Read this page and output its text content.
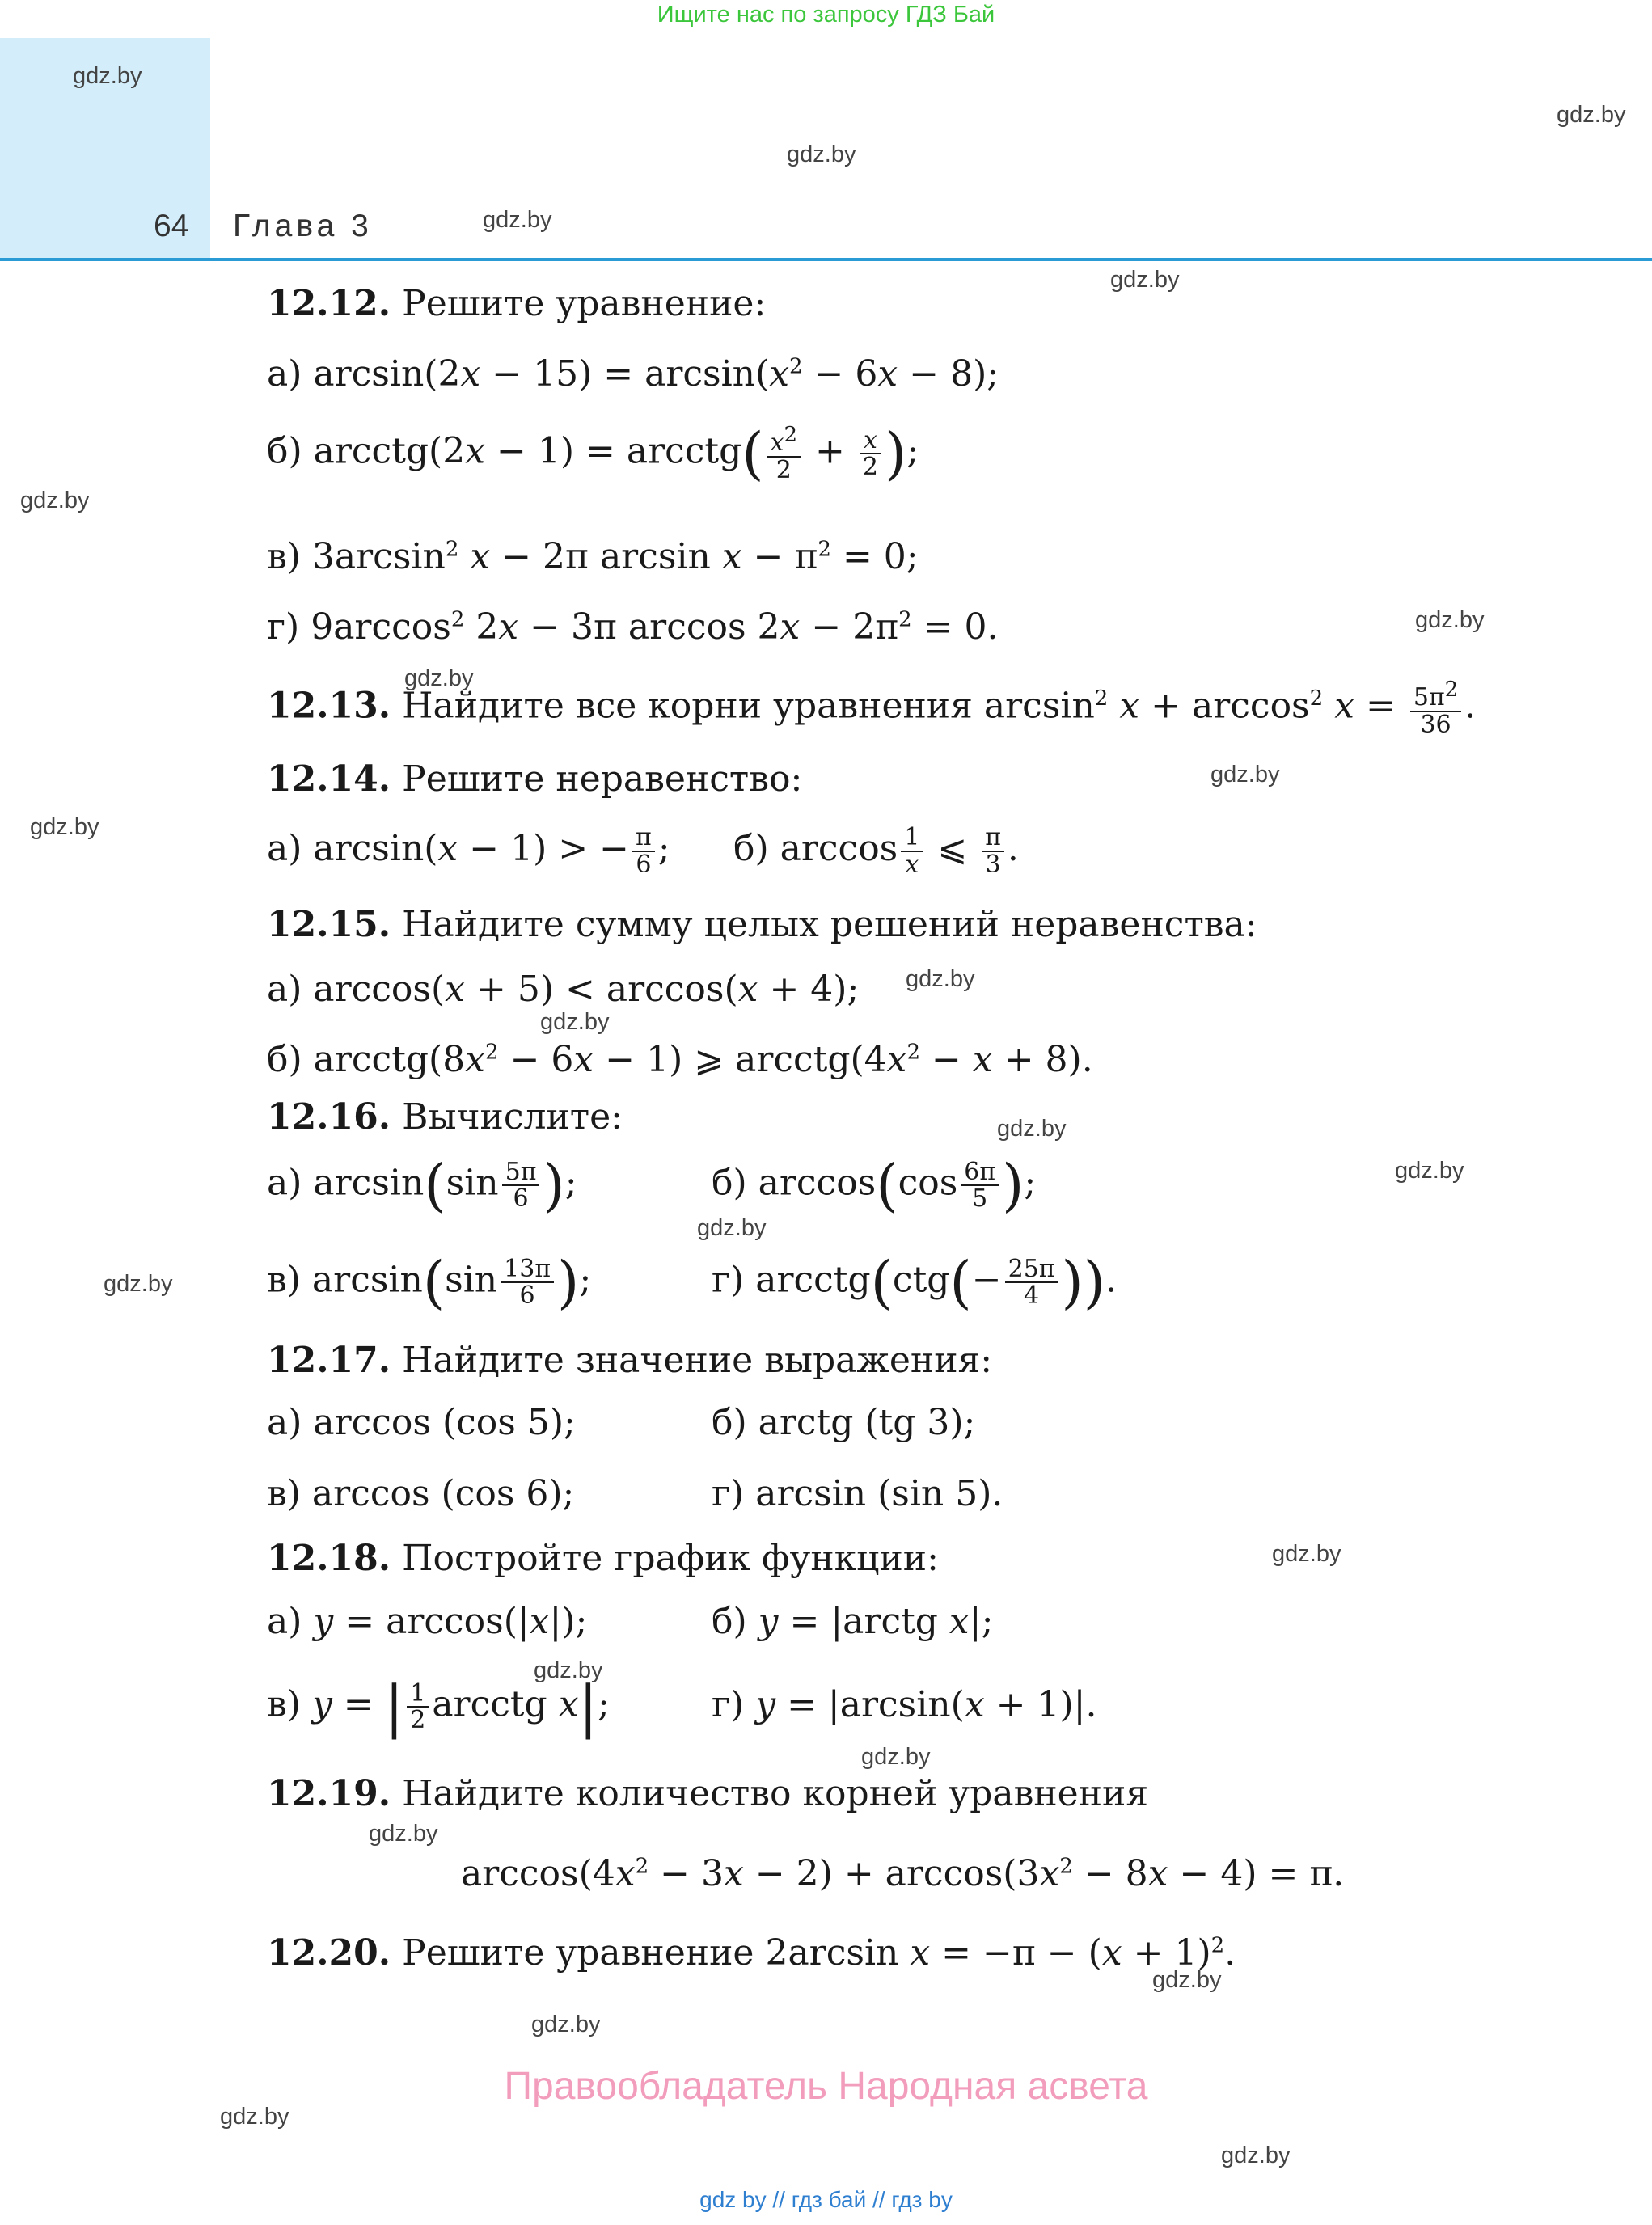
Ищите нас по запросу ГДЗ Бай
64 Глава 3
gdz.by
gdz.by
gdz.by
gdz.by
gdz.by
gdz.by
gdz.by
gdz.by
gdz.by
gdz.by
gdz.by
gdz.by
gdz.by
gdz.by
gdz.by
gdz.by
gdz.by
gdz.by
gdz.by
gdz.by
gdz.by
gdz.by
gdz.by
gdz.by
12.12. Решите уравнение:
а) $\arcsin(2x - 15) = \arcsin(x^2 - 6x - 8)$;
б) arcctg(2x − 1) = arcctg( $\frac{x^2}{2} + \frac{x}{2}$ );
в) $3\arcsin^2$ x − 2π $\arcsin x - \pi^2 = 0$;
г) $9\arccos^2$ 2x − 3π $\arccos 2x - 2\pi^2 = 0$.
12.13. Найдите все корни уравнения $\arcsin^2 x + \arccos^2 x = \frac{5\pi^2}{36}$ .
12.14. Решите неравенство:
а) arcsin(x − 1) > − $\frac{\pi}{6}$ ; б) $\arccos \frac{1}{x}$ ⩽ $\frac{\pi}{3}$ .
12.15. Найдите сумму целых решений неравенства:
а) arccos(x + 5) < arccos(x + 4);
б) $arcctg(8x^2 - 6x - 1)$ ⩾ $arcctg(4x^2 - x + 8)$.
12.16. Вычислите:
а) $\arcsin(\sin \frac{5\pi}{6}$ );	б) $\arccos(\cos \frac{6\pi}{5}$ );
в) $\arcsin(\sin \frac{13\pi}{6}$ );	г) arcctg(ctg(− $\frac{25\pi}{4}$ )).
12.17. Найдите значение выражения:
а) arccos (cos 5);	б) arctg (tg 3);
в) arccos (cos 6);	г) arcsin (sin 5).
12.18. Постройте график функции:
а) y = arccos(|x|);	б) y = |arctg x|;
в) y = | $\frac{1}{2}$ arcctg x|;	г) y = |arcsin(x + 1)|.
12.19. Найдите количество корней уравнения
$\arccos(4x^2 - 3x - 2) + \arccos(3x^2 - 8x - 4) = \pi$.
12.20. Решите уравнение 2arcsin $x = -\pi - (x + 1)^2$.
Правообладатель Народная асвета
gdz by // гдз бай // гдз by
